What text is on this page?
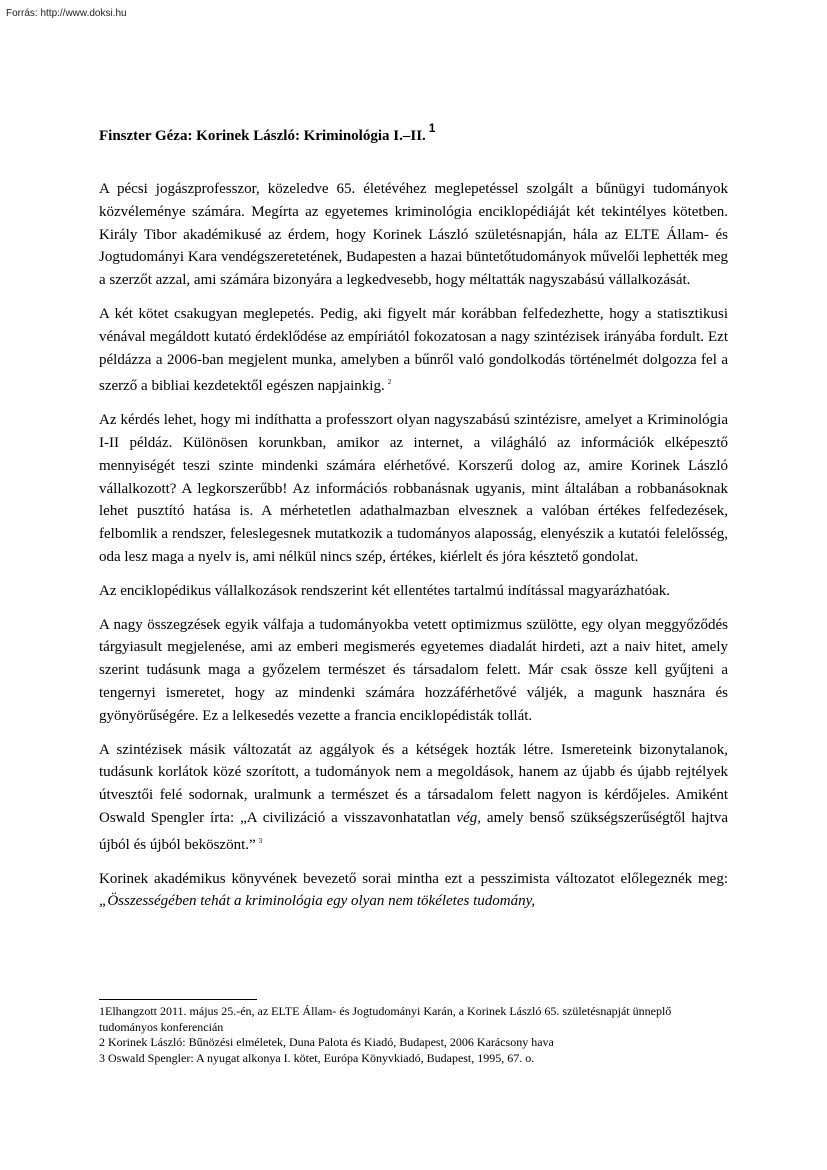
Forrás: http://www.doksi.hu
Finszter Géza: Korinek László: Kriminológia I.–II. $^1$

A pécsi jogászprofesszor, közeledve 65. életévéhez meglepetéssel szolgált a bűnügyi tudományok közvéleménye számára. Megírta az egyetemes kriminológia enciklopédiáját két tekintélyes kötetben. Király Tibor akadémikusé az érdem, hogy Korinek László születésnapján, hála az ELTE Állam- és Jogtudományi Kara vendégszeretetének, Budapesten a hazai büntetőtudományok művelői lephették meg a szerzőt azzal, ami számára bizonyára a legkedvesebb, hogy méltatták nagyszabású vállalkozását.

A két kötet csakugyan meglepetés. Pedig, aki figyelt már korábban felfedezhette, hogy a statisztikusi vénával megáldott kutató érdeklődése az empíriától fokozatosan a nagy szintézisek irányába fordult. Ezt példázza a 2006-ban megjelent munka, amelyben a bűnről való gondolkodás történelmét dolgozza fel a szerző a bibliai kezdetektől egészen napjainkig. $^2$

Az kérdés lehet, hogy mi indíthatta a professzort olyan nagyszabású szintézisre, amelyet a Kriminológia I-II példáz. Különösen korunkban, amikor az internet, a világháló az információk elképesztő mennyiségét teszi szinte mindenki számára elérhetővé. Korszerű dolog az, amire Korinek László vállalkozott? A legkorszerűbb! Az információs robbanásnak ugyanis, mint általában a robbanásoknak lehet pusztító hatása is. A mérhetetlen adathalmazban elvesznek a valóban értékes felfedezések, felbomlik a rendszer, feleslegesnek mutatkozik a tudományos alaposság, elenyészik a kutatói felelősség, oda lesz maga a nyelv is, ami nélkül nincs szép, értékes, kiérlelt és jóra késztető gondolat.

Az enciklopédikus vállalkozások rendszerint két ellentétes tartalmú indítással magyarázhatóak.

A nagy összegzések egyik válfaja a tudományokba vetett optimizmus szülötte, egy olyan meggyőződés tárgyiasult megjelenése, ami az emberi megismerés egyetemes diadalát hirdeti, azt a naiv hitet, amely szerint tudásunk maga a győzelem természet és társadalom felett. Már csak össze kell gyűjteni a tengernyi ismeretet, hogy az mindenki számára hozzáférhetővé váljék, a magunk hasznára és gyönyörűségére. Ez a lelkesedés vezette a francia enciklopédisták tollát.

A szintézisek másik változatát az aggályok és a kétségek hozták létre. Ismereteink bizonytalanok, tudásunk korlátok közé szorított, a tudományok nem a megoldások, hanem az újabb és újabb rejtélyek útvesztői felé sodornak, uralmunk a természet és a társadalom felett nagyon is kérdőjeles. Amiként Oswald Spengler írta: „A civilizáció a visszavonhatatlan vég, amely benső szükségszerűségtől hajtva újból és újból beköszönt.” $^3$

Korinek akadémikus könyvének bevezető sorai mintha ezt a pesszimista változatot előlegeznék meg: „Összességében tehát a kriminológia egy olyan nem tökéletes tudomány,

1Elhangzott 2011. május 25.-én, az ELTE Állam- és Jogtudományi Karán, a Korinek László 65. születésnapját ünneplő tudományos konferencián
2 Korinek László: Bűnözési elméletek, Duna Palota és Kiadó, Budapest, 2006 Karácsony hava
3 Oswald Spengler: A nyugat alkonya I. kötet, Európa Könyvkiadó, Budapest, 1995, 67. o.
